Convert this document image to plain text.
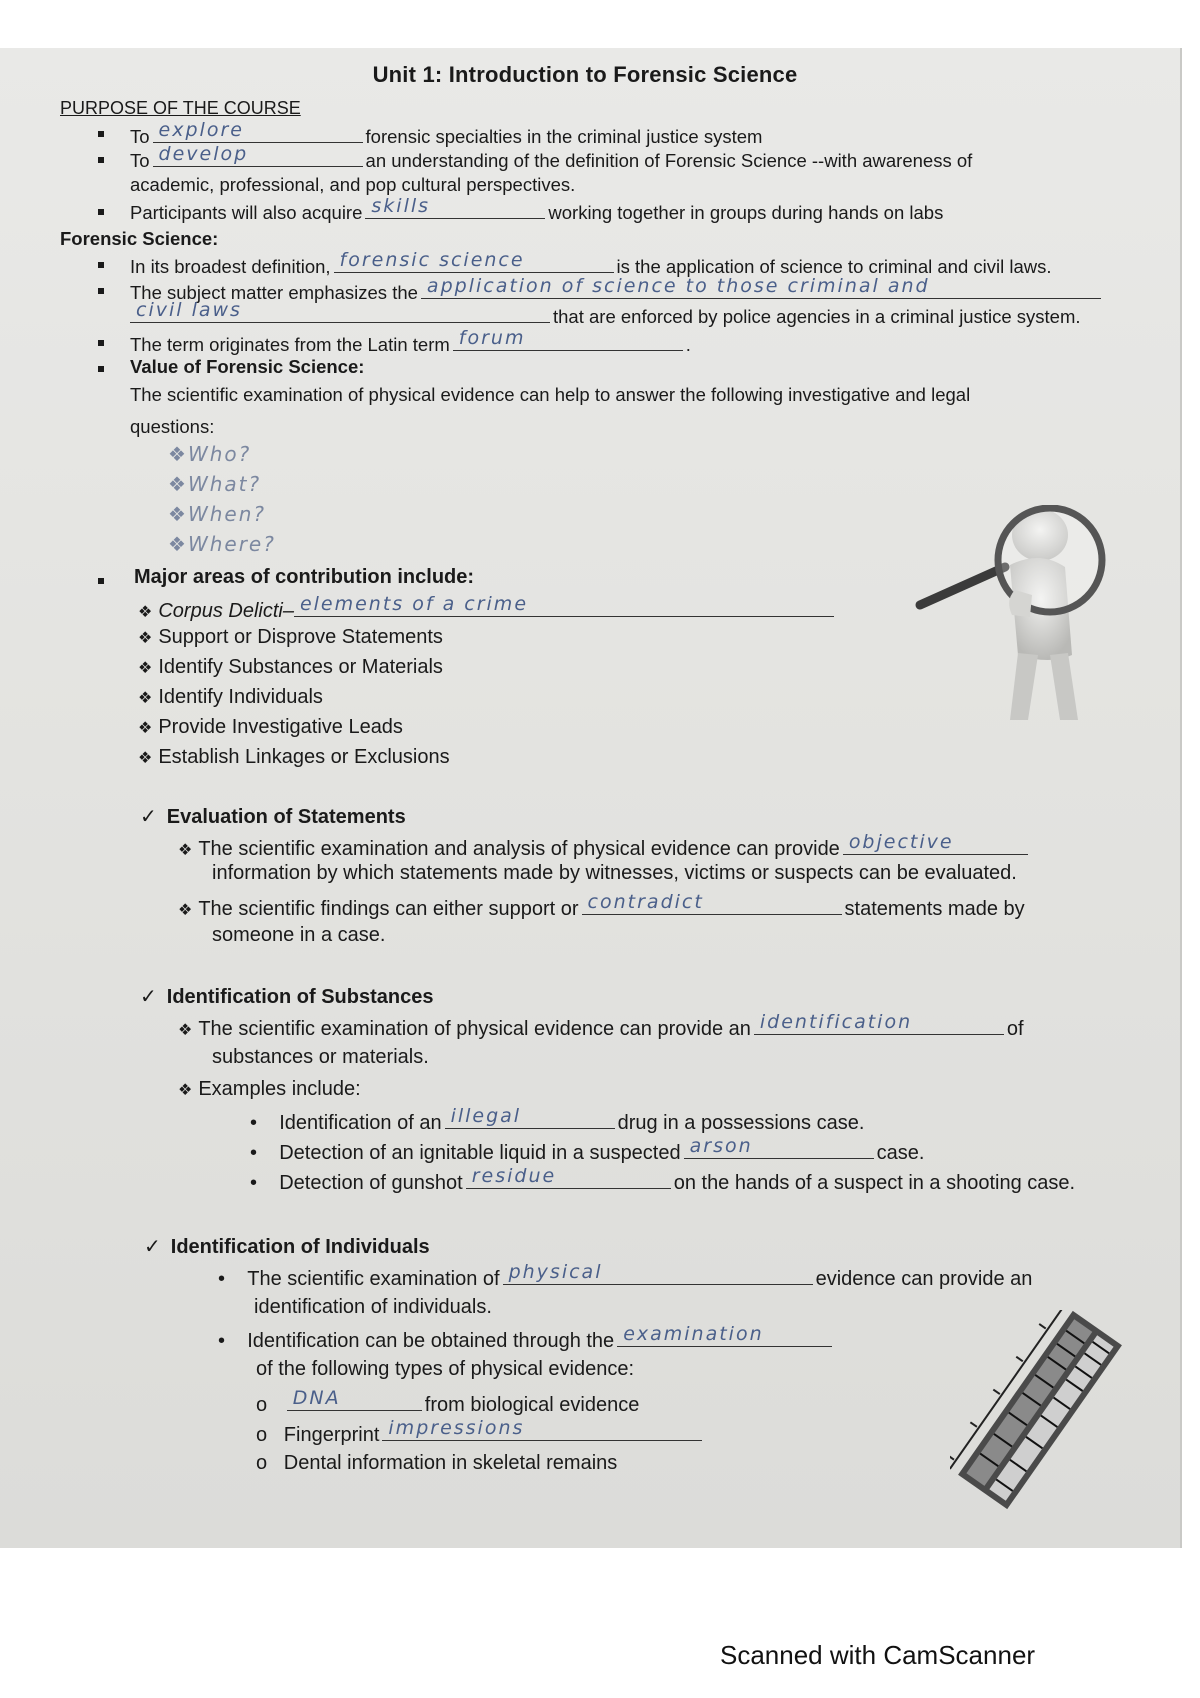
Unit 1: Introduction to Forensic Science
PURPOSE OF THE COURSE
To explore	forensic specialties in the criminal justice system
To develop	an understanding of the definition of Forensic Science --with awareness of
academic, professional, and pop cultural perspectives.
Participants will also acquire skills	working together in groups during hands on labs
Forensic Science:
In its broadest definition, forensic science	is the application of science to criminal and civil laws.
The subject matter emphasizes the application of science to those criminal and
civil laws	that are enforced by police agencies in a criminal justice system.
The term originates from the Latin term forum	.
Value of Forensic Science:
The scientific examination of physical evidence can help to answer the following investigative and legal
questions:
❖Who?
❖What?
❖When?
❖Where?
Major areas of contribution include:
❖ Corpus Delicti– elements of a crime
❖ Support or Disprove Statements
❖ Identify Substances or Materials
❖ Identify Individuals
❖ Provide Investigative Leads
❖ Establish Linkages or Exclusions
✓ Evaluation of Statements
❖ The scientific examination and analysis of physical evidence can provide objective
information by which statements made by witnesses, victims or suspects can be evaluated.
❖ The scientific findings can either support or contradict	statements made by
someone in a case.
✓ Identification of Substances
❖ The scientific examination of physical evidence can provide an identification	of
substances or materials.
❖ Examples include:
•    Identification of an illegal	drug in a possessions case.
•    Detection of an ignitable liquid in a suspected arson	case.
•    Detection of gunshot residue	on the hands of a suspect in a shooting case.
✓ Identification of Individuals
•    The scientific examination of physical	evidence can provide an
identification of individuals.
•    Identification can be obtained through the examination
of the following types of physical evidence:
o DNA	from biological evidence
o   Fingerprint impressions
o   Dental information in skeletal remains
Scanned with CamScanner
